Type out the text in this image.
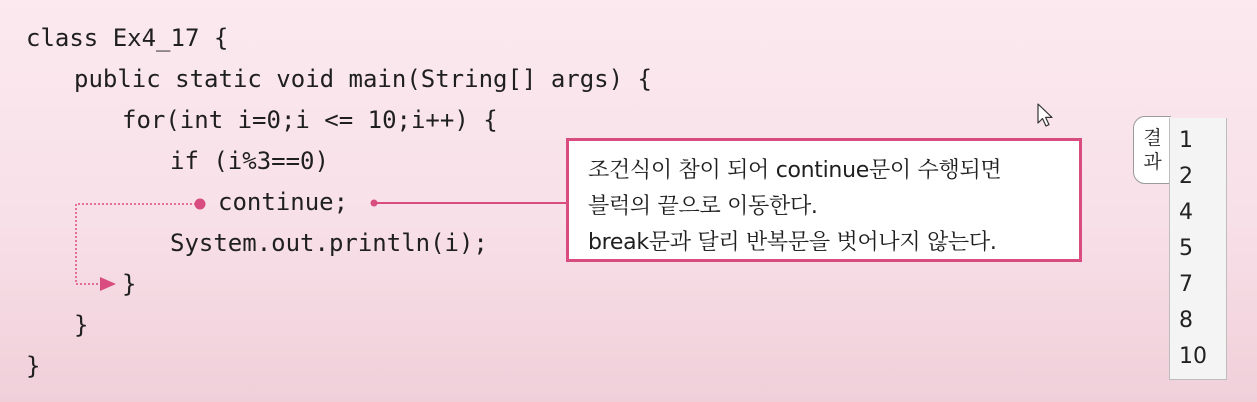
class Ex4_17 {
public static void main(String[] args) {
for(int i=0;i <= 10;i++) {
if (i%3==0)
continue;
System.out.println(i);
}
}
}
조건식이 참이 되어 continue문이 수행되면
블럭의 끝으로 이동한다.
break문과 달리 반복문을 벗어나지 않는다.
결
과
1
2
4
5
7
8
10
